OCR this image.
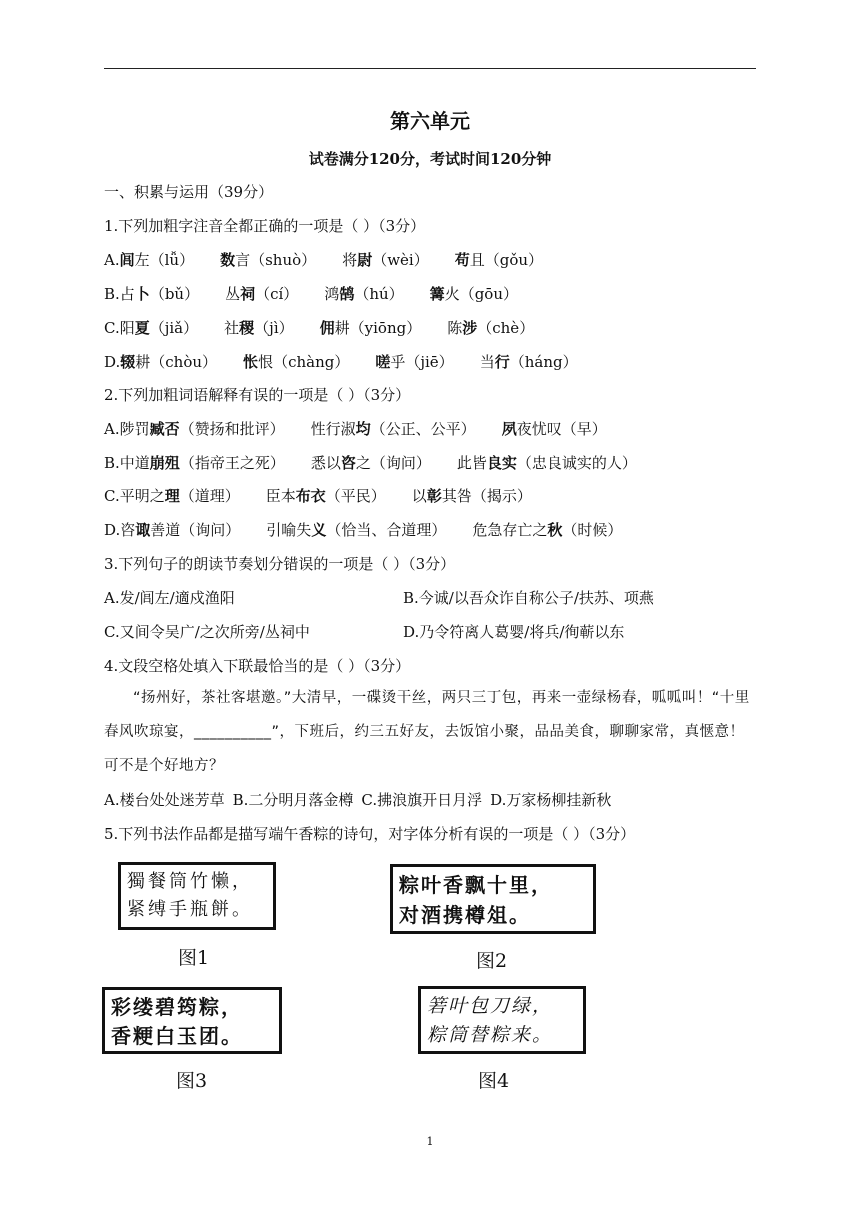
第六单元
试卷满分120分，考试时间120分钟
一、积累与运用（39分）
1.下列加粗字注音全都正确的一项是（ ）（3分）
A.闾左（lǚ） 数言（shuò） 将尉（wèi） 苟且（gǒu）
B.占卜（bǔ） 丛祠（cí） 鸿鹄（hú） 篝火（gōu）
C.阳夏（jiǎ） 社稷（jì） 佣耕（yiōng） 陈涉（chè）
D.辍耕（chòu） 怅恨（chàng） 嗟乎（jiē） 当行（háng）
2.下列加粗词语解释有误的一项是（ ）（3分）
A.陟罚臧否（赞扬和批评） 性行淑均（公正、公平） 夙夜忧叹（早）
B.中道崩殂（指帝王之死） 悉以咨之（询问） 此皆良实（忠良诚实的人）
C.平明之理（道理） 臣本布衣（平民） 以彰其咎（揭示）
D.咨诹善道（询问） 引喻失义（恰当、合道理） 危急存亡之秋（时候）
3.下列句子的朗读节奏划分错误的一项是（ ）（3分）
A.发/闾左/適戍渔阳	B.今诚/以吾众诈自称公子/扶苏、项燕
C.又间令吴广/之次所旁/丛祠中	D.乃令符离人葛婴/将兵/徇蕲以东
4.文段空格处填入下联最恰当的是（ ）（3分）
“扬州好，茶社客堪邀。”大清早，一碟烫干丝，两只三丁包，再来一壶绿杨春，呱呱叫！“十里春风吹琼宴，__________”，下班后，约三五好友，去饭馆小聚，品品美食，聊聊家常，真惬意！可不是个好地方？
A.楼台处处迷芳草 B.二分明月落金樽 C.拂浪旗开日月浮 D.万家杨柳挂新秋
5.下列书法作品都是描写端午香粽的诗句，对字体分析有误的一项是（ ）（3分）
獨餐筒竹懒，
紧缚手瓶餅。
图1
粽叶香飘十里，
对酒携樽俎。
图2
彩缕碧筠粽，
香粳白玉团。
图3
箬叶包刀绿，
粽筒替粽来。
图4
1
